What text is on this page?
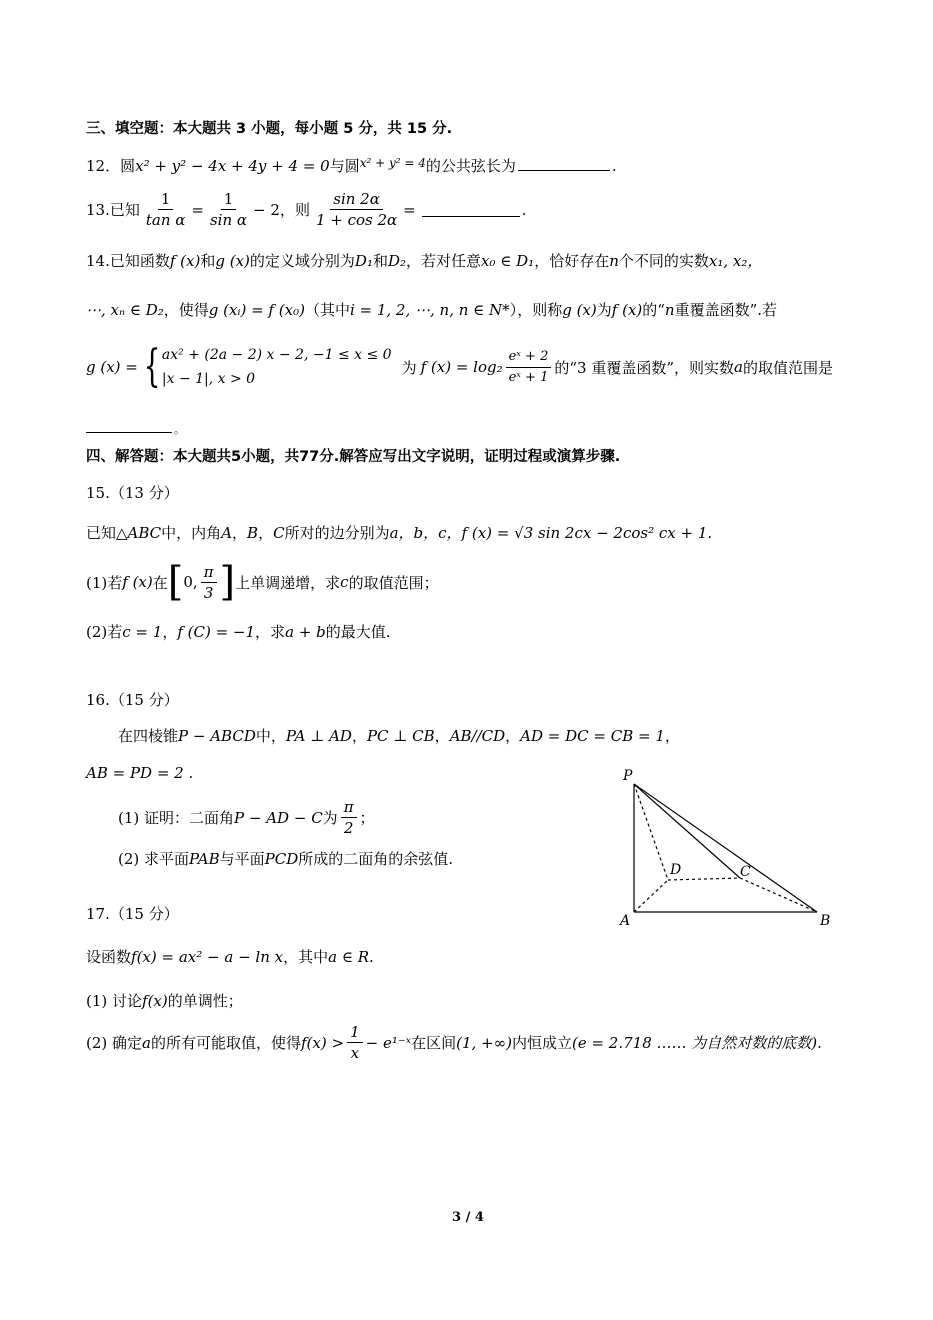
三、填空题：本大题共 3 小题，每小题 5 分，共 15 分.
12．圆x² + y² − 4x + 4y + 4 = 0与圆$^{x^2 + y^2 = 4}$的公共弦长为	.
13. 已知 $\frac{1}{\text{tan α}} = \frac{1}{\text{sin α}} - 2$， 则 $\frac{\sin 2\alpha}{1 + \cos 2\alpha}$ =	.
14.已知函数f (x)和g (x)的定义域分别为D₁和D₂，若对任意x₀ ∈ D₁，恰好存在n个不同的实数x₁, x₂，
⋯, xₙ ∈ D₂，使得g (xᵢ) = f (x₀)（其中i = 1, 2, ⋯, n, n ∈ N*），则称g (x)为f (x)的“n重覆盖函数”.若
g (x) = { ax² + (2a − 2) x − 2, −1 ≤ x ≤ 0
|x − 1|, x > 0
为 f $(x) = \log_2 \frac{\text{eˣ + 2}}{\text{eˣ + 1}}$ 的“3 重覆盖函数”，则实数 a 的取值范围是
。
四、解答题：本大题共5小题，共77分.解答应写出文字说明，证明过程或演算步骤.
15.（13 分）
已知△ABC中，内角A，B，C所对的边分别为a，b，c，f (x) = √3 sin 2cx − 2cos² cx + 1.
(1)若 f (x) 在 [ 0, $\frac{\pi}{3}$ ] 上单调递增，求 c 的取值范围；
(2)若c = 1，f (C) = −1，求a + b的最大值.
16.（15 分）
在四棱锥P − ABCD中，PA ⊥ AD，PC ⊥ CB，AB//CD，AD = DC = CB = 1，
AB = PD = 2 .
(1) 证明：二面角 P − AD − C 为 $\frac{\pi}{2}$ ；
(2) 求平面PAB与平面PCD所成的二面角的余弦值.
P
A	B
C
D
17.（15 分）
设函数f(x) = ax² − a − ln x，其中a ∈ R.
(1) 讨论f(x)的单调性；
(2) 确定 a 的所有可能取值，使得 $f(x) > \frac{1}{x}$ − e¹⁻ˣ 在区间 (1, +∞) 内恒成立 (e = 2.718 …… 为自然对数的底数).
3 / 4
